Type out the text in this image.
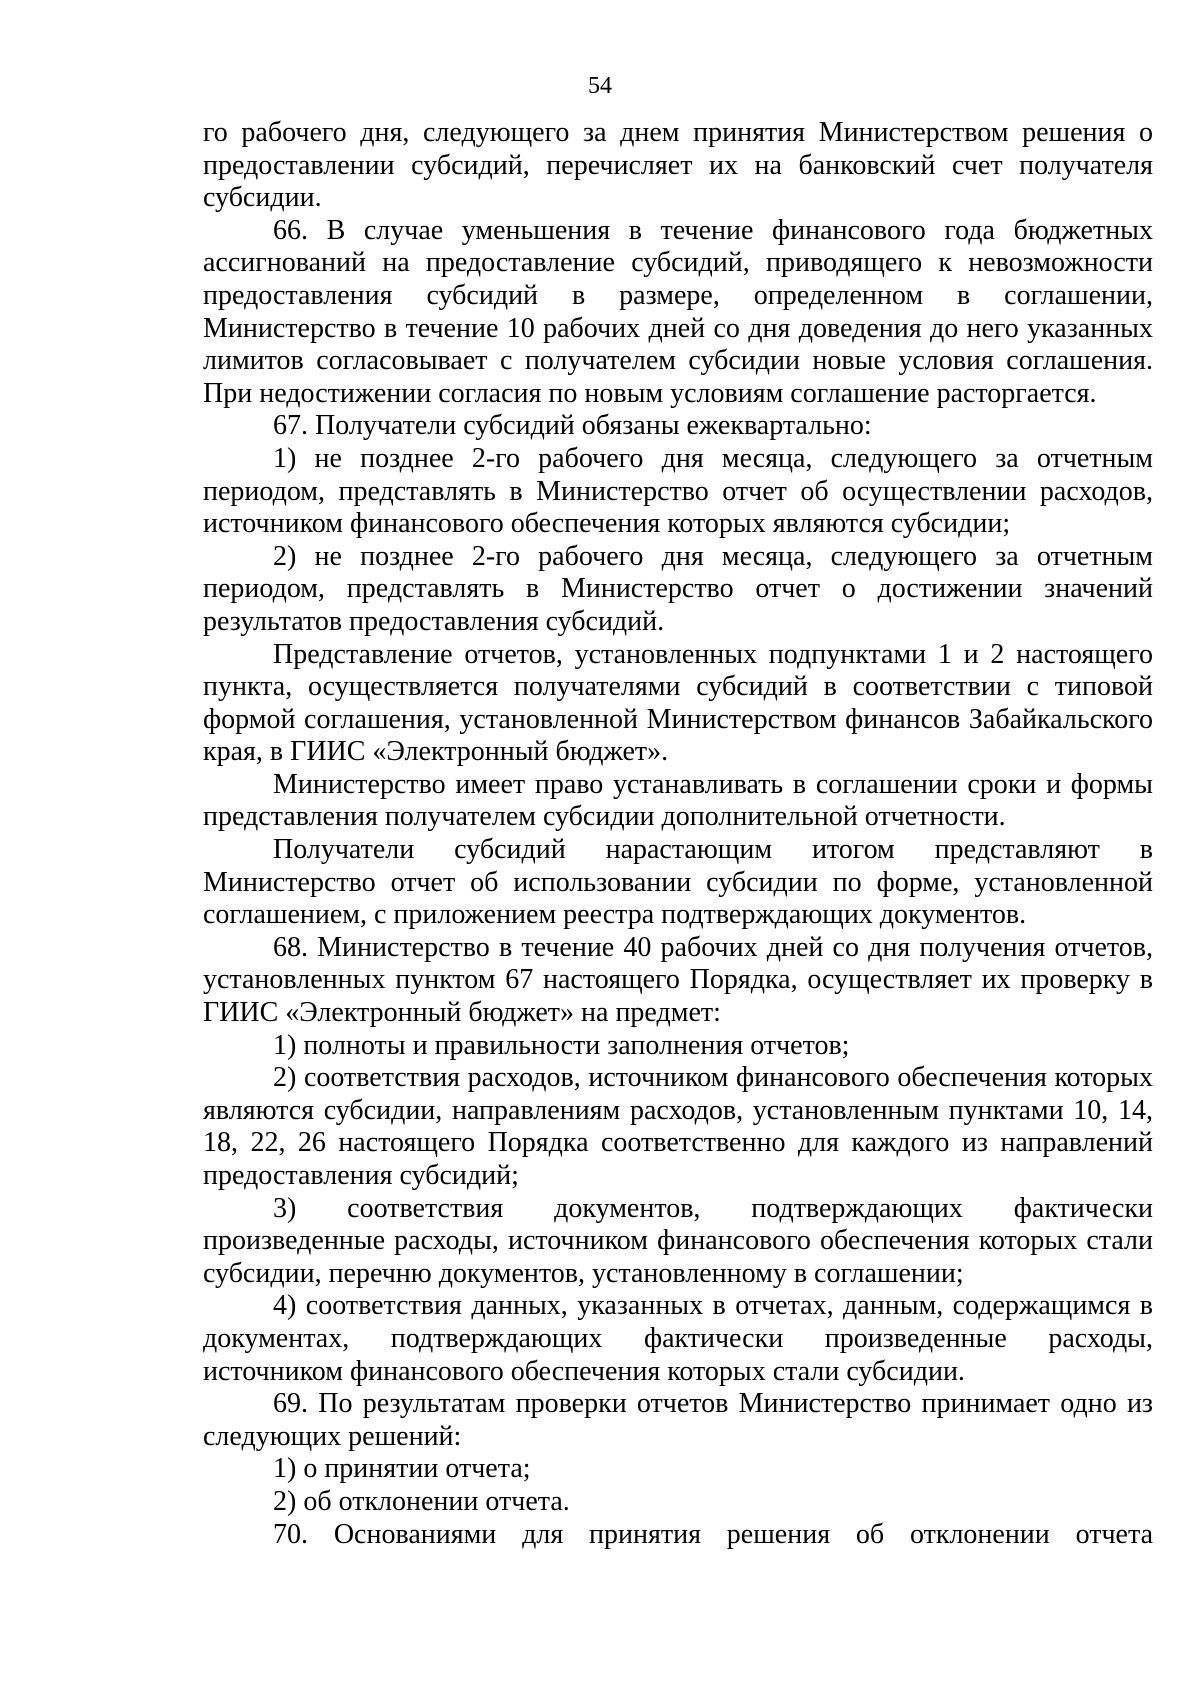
54

го рабочего дня, следующего за днем принятия Министерством решения о предоставлении субсидий, перечисляет их на банковский счет получателя субсидии.

66. В случае уменьшения в течение финансового года бюджетных ассигнований на предоставление субсидий, приводящего к невозможности предоставления субсидий в размере, определенном в соглашении, Министерство в течение 10 рабочих дней со дня доведения до него указанных лимитов согласовывает с получателем субсидии новые условия соглашения. При недостижении согласия по новым условиям соглашение расторгается.

67. Получатели субсидий обязаны ежеквартально:

1) не позднее 2-го рабочего дня месяца, следующего за отчетным периодом, представлять в Министерство отчет об осуществлении расходов, источником финансового обеспечения которых являются субсидии;

2) не позднее 2-го рабочего дня месяца, следующего за отчетным периодом, представлять в Министерство отчет о достижении значений результатов предоставления субсидий.

Представление отчетов, установленных подпунктами 1 и 2 настоящего пункта, осуществляется получателями субсидий в соответствии с типовой формой соглашения, установленной Министерством финансов Забайкальского края, в ГИИС «Электронный бюджет».

Министерство имеет право устанавливать в соглашении сроки и формы представления получателем субсидии дополнительной отчетности.

Получатели субсидий нарастающим итогом представляют в Министерство отчет об использовании субсидии по форме, установленной соглашением, с приложением реестра подтверждающих документов.

68. Министерство в течение 40 рабочих дней со дня получения отчетов, установленных пунктом 67 настоящего Порядка, осуществляет их проверку в ГИИС «Электронный бюджет» на предмет:

1) полноты и правильности заполнения отчетов;

2) соответствия расходов, источником финансового обеспечения которых являются субсидии, направлениям расходов, установленным пунктами 10, 14, 18, 22, 26 настоящего Порядка соответственно для каждого из направлений предоставления субсидий;

3) соответствия документов, подтверждающих фактически произведенные расходы, источником финансового обеспечения которых стали субсидии, перечню документов, установленному в соглашении;

4) соответствия данных, указанных в отчетах, данным, содержащимся в документах, подтверждающих фактически произведенные расходы, источником финансового обеспечения которых стали субсидии.

69. По результатам проверки отчетов Министерство принимает одно из следующих решений:

1) о принятии отчета;

2) об отклонении отчета.

70. Основаниями для принятия решения об отклонении отчета
